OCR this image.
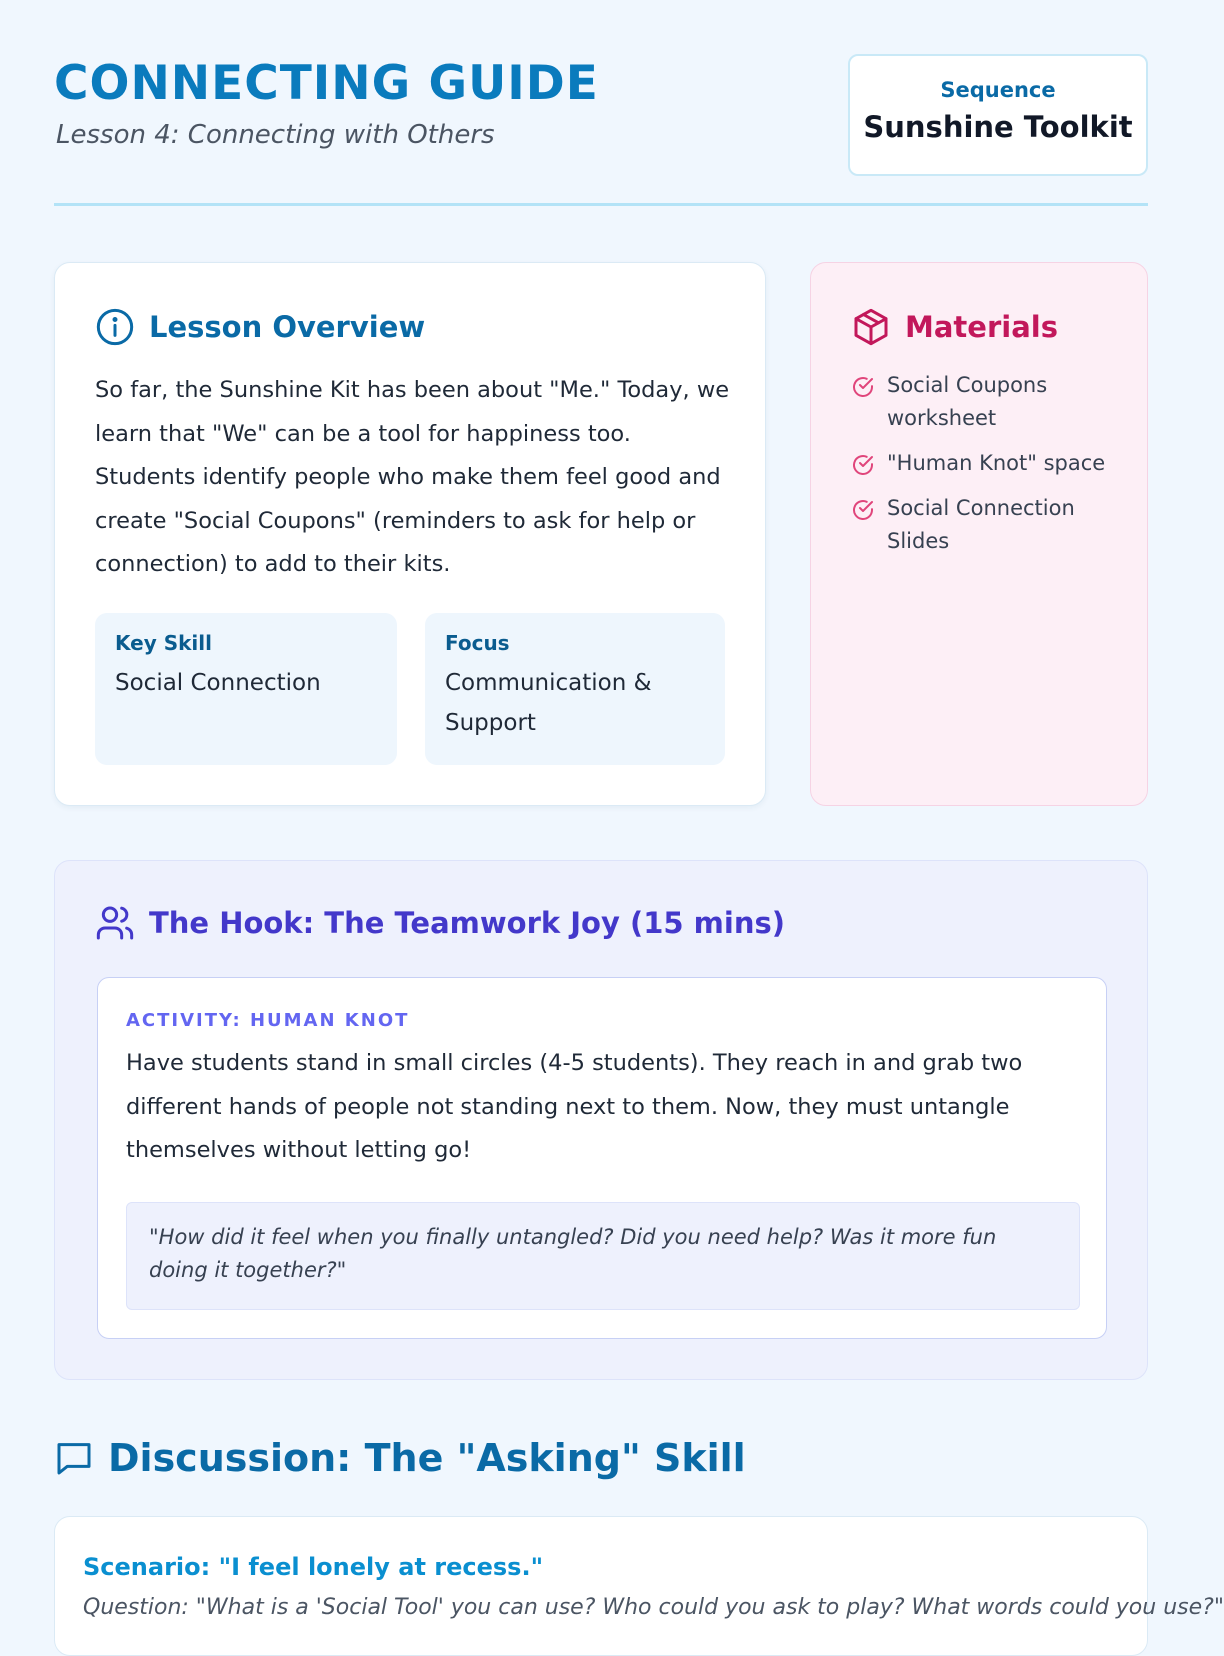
CONNECTING GUIDE
Lesson 4: Connecting with Others
Sequence
Sunshine Toolkit
Lesson Overview
So far, the Sunshine Kit has been about "Me." Today, we learn that "We" can be a tool for happiness too. Students identify people who make them feel good and create "Social Coupons" (reminders to ask for help or connection) to add to their kits.
Key Skill
Social Connection
Focus
Communication & Support
Materials
Social Coupons worksheet
"Human Knot" space
Social Connection Slides
The Hook: The Teamwork Joy (15 mins)
ACTIVITY: HUMAN KNOT
Have students stand in small circles (4-5 students). They reach in and grab two different hands of people not standing next to them. Now, they must untangle themselves without letting go!
"How did it feel when you finally untangled? Did you need help? Was it more fun doing it together?"
Discussion: The "Asking" Skill
Scenario: "I feel lonely at recess."
Question: "What is a 'Social Tool' you can use? Who could you ask to play? What words could you use?"
